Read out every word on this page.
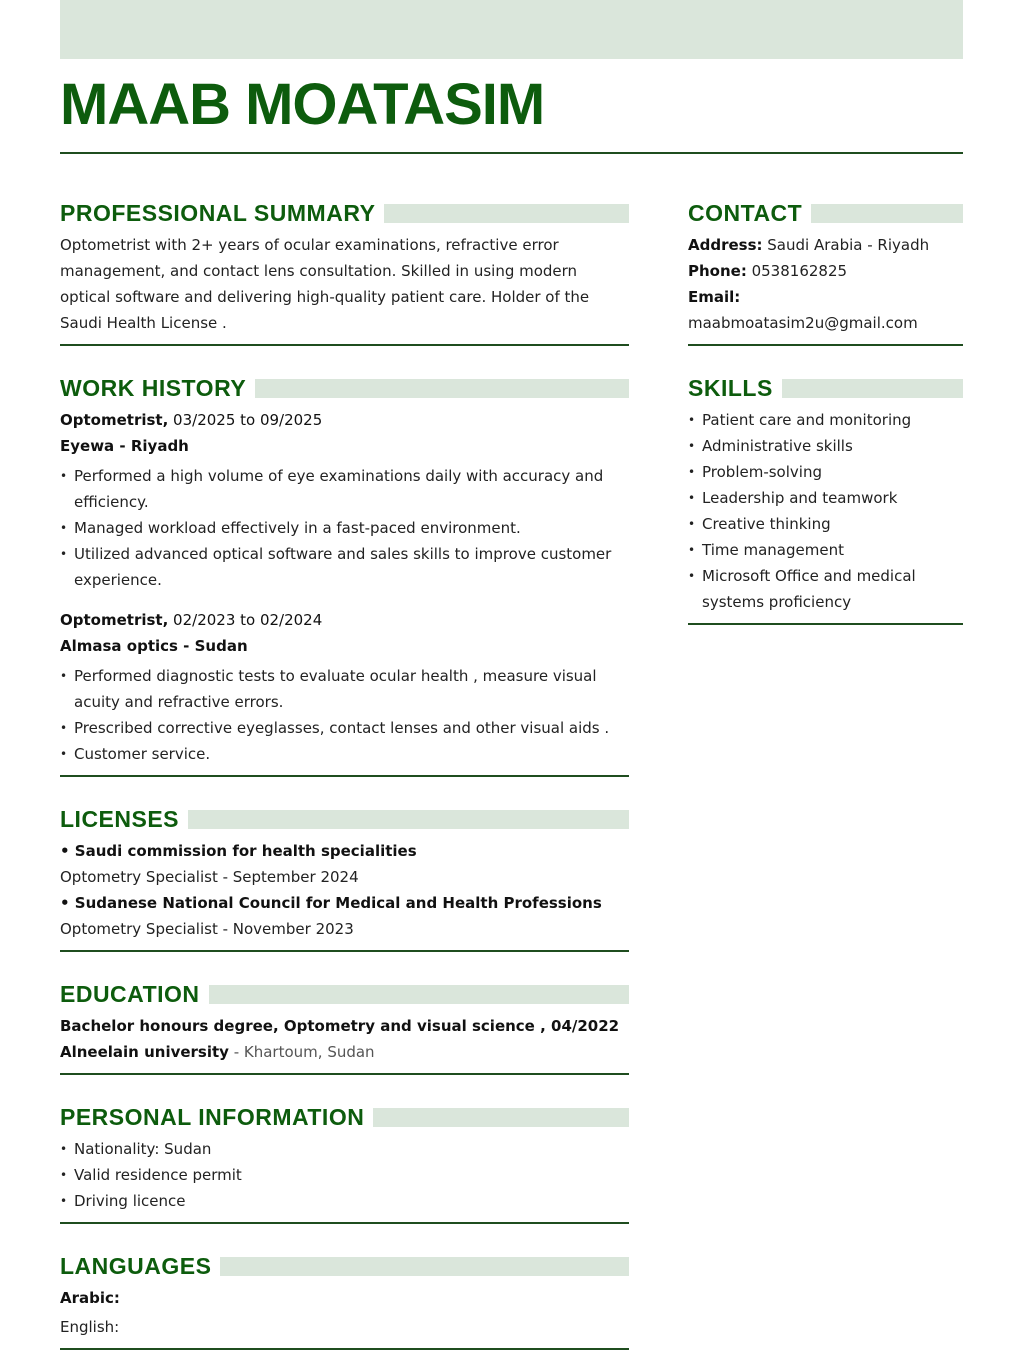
MAAB MOATASIM
PROFESSIONAL SUMMARY
Optometrist with 2+ years of ocular examinations, refractive error management, and contact lens consultation. Skilled in using modern optical software and delivering high-quality patient care. Holder of the Saudi Health License .
WORK HISTORY
Optometrist, 03/2025 to 09/2025
Eyewa - Riyadh
• Performed a high volume of eye examinations daily with accuracy and efficiency.
• Managed workload effectively in a fast-paced environment.
• Utilized advanced optical software and sales skills to improve customer experience.
Optometrist, 02/2023 to 02/2024
Almasa optics - Sudan
• Performed diagnostic tests to evaluate ocular health , measure visual acuity and refractive errors.
• Prescribed corrective eyeglasses, contact lenses and other visual aids .
• Customer service.
LICENSES
• Saudi commission for health specialities
Optometry Specialist - September 2024
• Sudanese National Council for Medical and Health Professions
Optometry Specialist - November 2023
EDUCATION
Bachelor honours degree, Optometry and visual science , 04/2022
Alneelain university - Khartoum, Sudan
PERSONAL INFORMATION
• Nationality: Sudan
• Valid residence permit
• Driving licence
LANGUAGES
Arabic:
English:
CONTACT
Address: Saudi Arabia - Riyadh
Phone: 0538162825
Email:
maabmoatasim2u@gmail.com
SKILLS
• Patient care and monitoring
• Administrative skills
• Problem-solving
• Leadership and teamwork
• Creative thinking
• Time management
• Microsoft Office and medical systems proficiency
